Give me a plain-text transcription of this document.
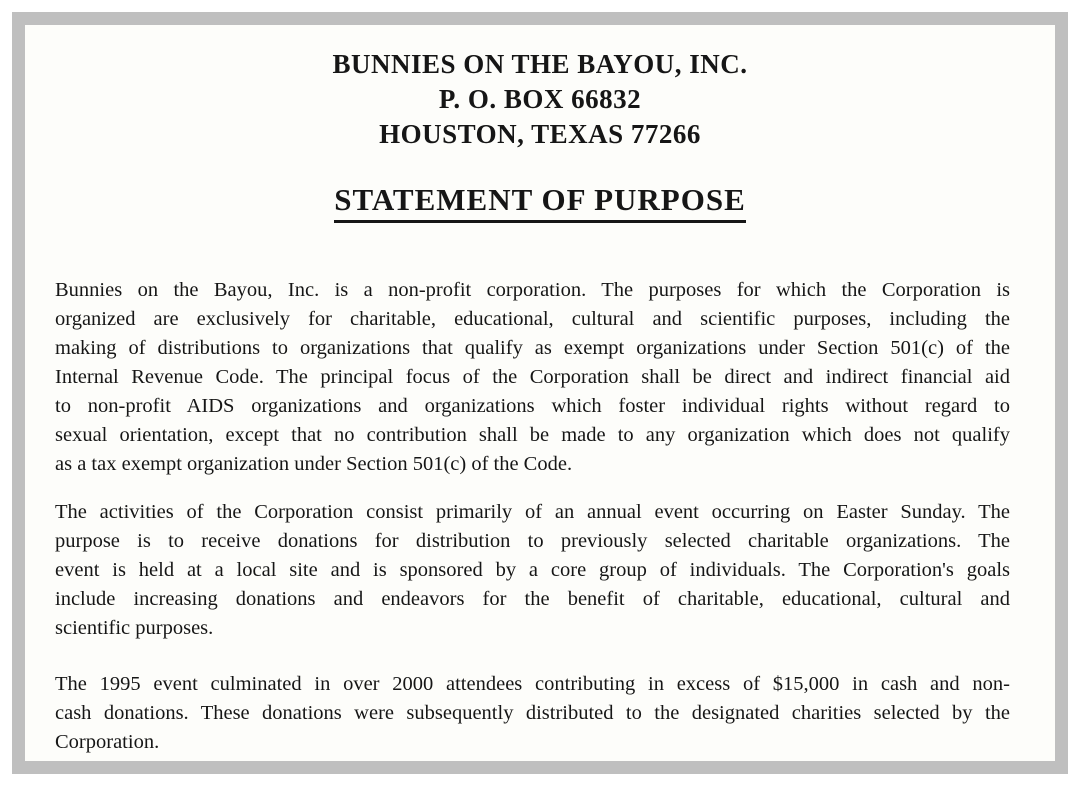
BUNNIES ON THE BAYOU, INC.
P. O. BOX 66832
HOUSTON, TEXAS 77266
STATEMENT OF PURPOSE
Bunnies on the Bayou, Inc. is a non-profit corporation. The purposes for which the Corporation is
organized are exclusively for charitable, educational, cultural and scientific purposes, including the
making of distributions to organizations that qualify as exempt organizations under Section 501(c) of the
Internal Revenue Code. The principal focus of the Corporation shall be direct and indirect financial aid
to non-profit AIDS organizations and organizations which foster individual rights without regard to
sexual orientation, except that no contribution shall be made to any organization which does not qualify
as a tax exempt organization under Section 501(c) of the Code.
The activities of the Corporation consist primarily of an annual event occurring on Easter Sunday. The
purpose is to receive donations for distribution to previously selected charitable organizations. The
event is held at a local site and is sponsored by a core group of individuals. The Corporation's goals
include increasing donations and endeavors for the benefit of charitable, educational, cultural and
scientific purposes.
The 1995 event culminated in over 2000 attendees contributing in excess of $15,000 in cash and non-
cash donations. These donations were subsequently distributed to the designated charities selected by the
Corporation.
